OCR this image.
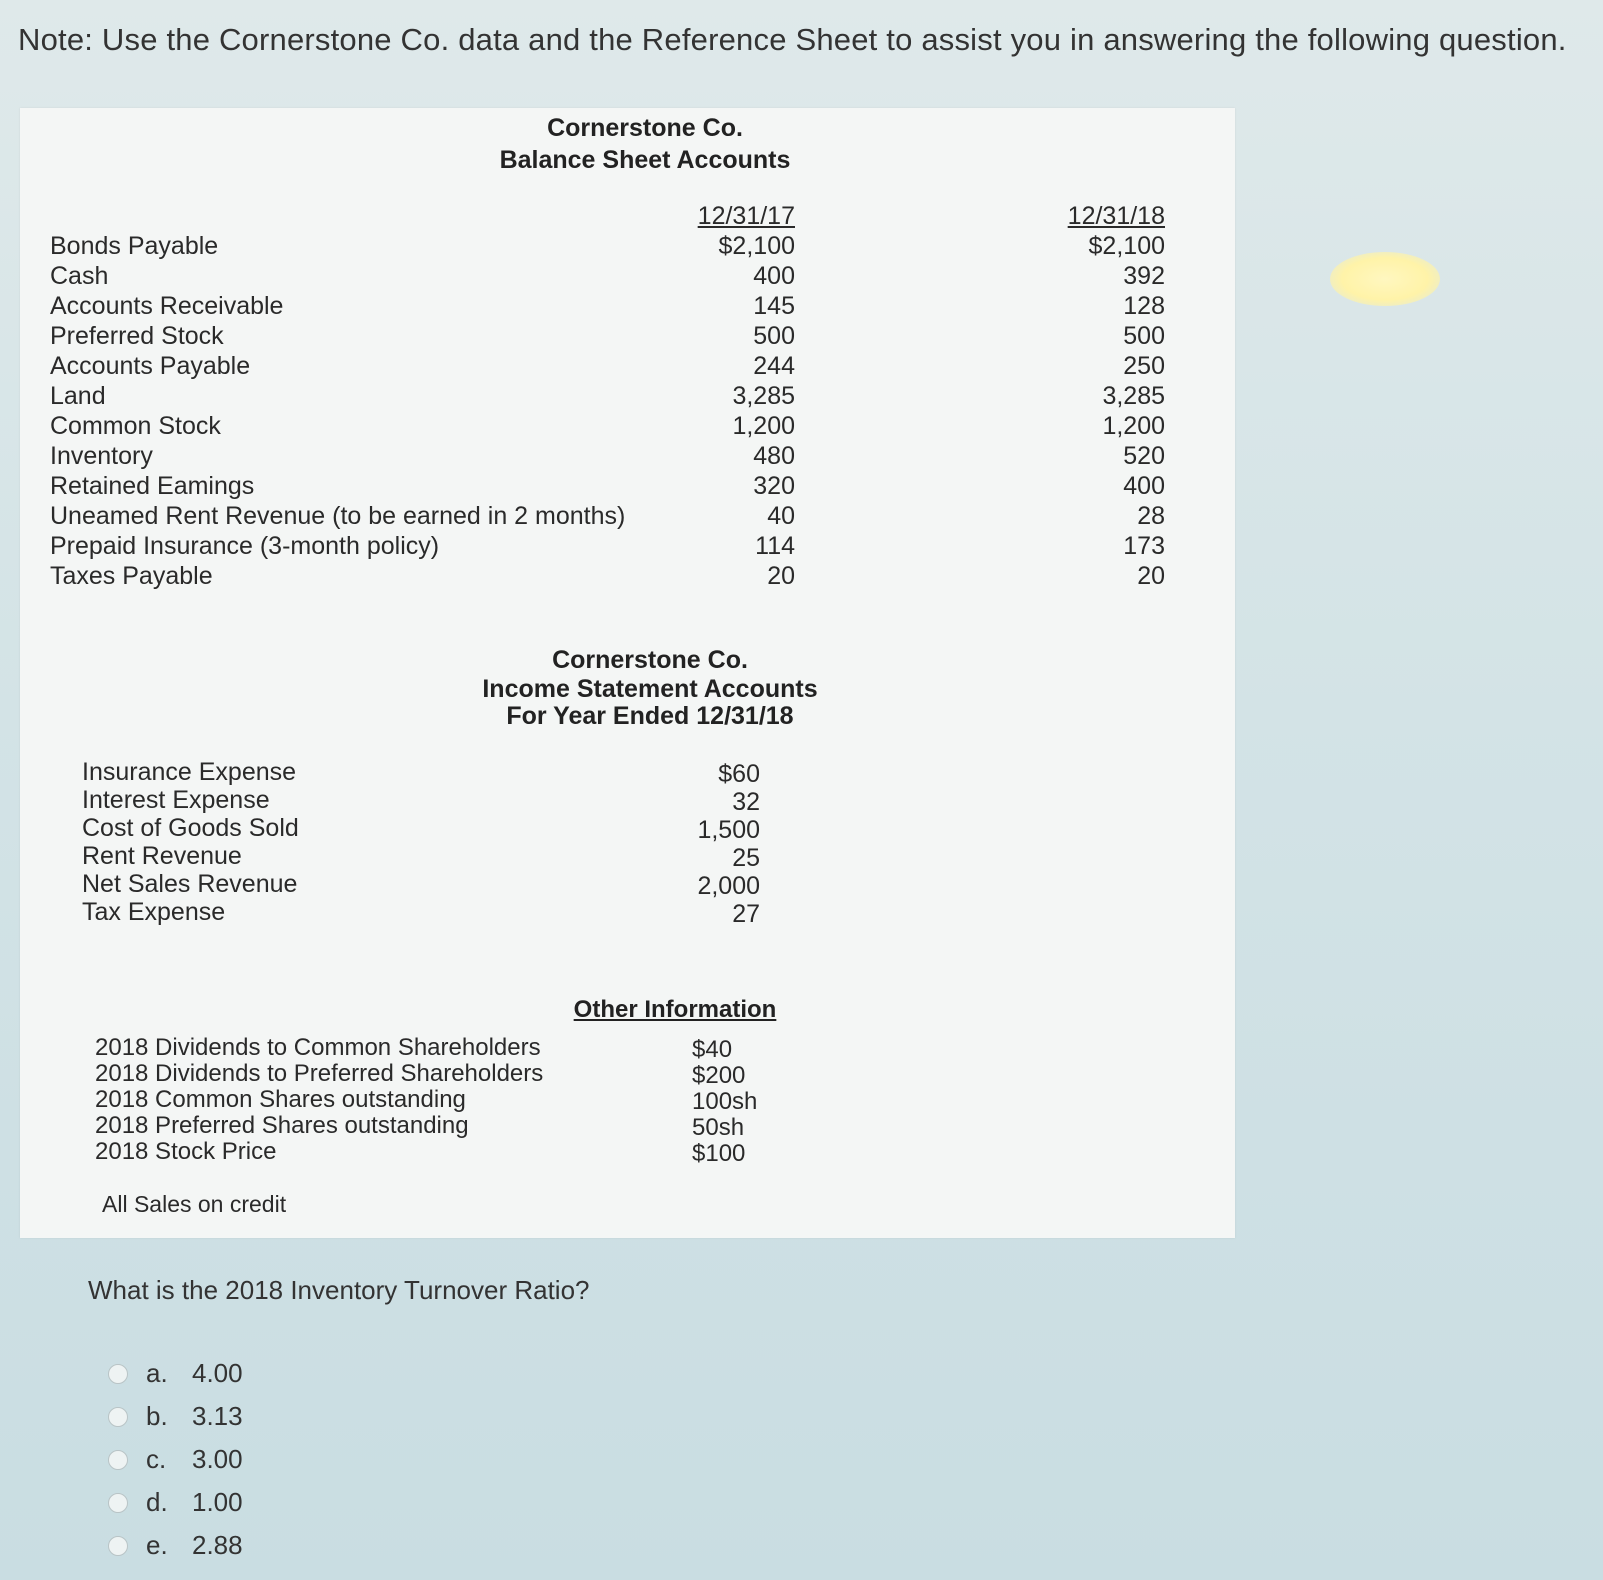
Note: Use the Cornerstone Co. data and the Reference Sheet to assist you in answering the following question.
Cornerstone Co.
Balance Sheet Accounts
Bonds Payable
Cash
Accounts Receivable
Preferred Stock
Accounts Payable
Land
Common Stock
Inventory
Retained Eamings
Uneamed Rent Revenue (to be earned in 2 months)
Prepaid Insurance (3-month policy)
Taxes Payable
12/31/17
$2,100
400
145
500
244
3,285
1,200
480
320
40
114
20
12/31/18
$2,100
392
128
500
250
3,285
1,200
520
400
28
173
20
Cornerstone Co.
Income Statement Accounts
For Year Ended 12/31/18
Insurance Expense
Interest Expense
Cost of Goods Sold
Rent Revenue
Net Sales Revenue
Tax Expense
$60
32
1,500
25
2,000
27
Other Information
2018 Dividends to Common Shareholders
2018 Dividends to Preferred Shareholders
2018 Common Shares outstanding
2018 Preferred Shares outstanding
2018 Stock Price
$40
$200
100sh
50sh
$100
All Sales on credit
What is the 2018 Inventory Turnover Ratio?
a. 4.00
b. 3.13
c. 3.00
d. 1.00
e. 2.88
